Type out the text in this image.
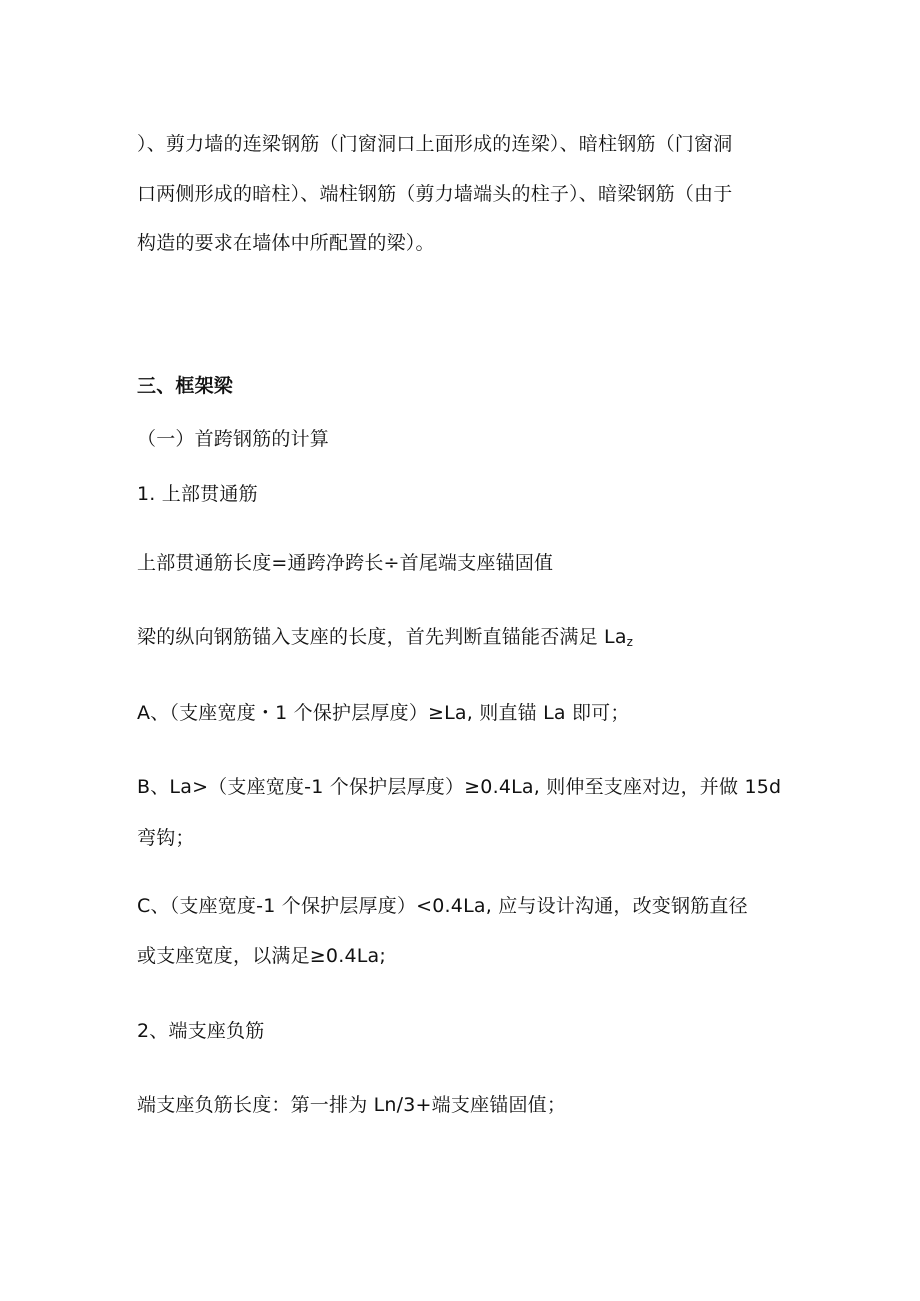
）、剪力墙的连梁钢筋（门窗洞口上面形成的连梁）、暗柱钢筋（门窗洞
口两侧形成的暗柱）、端柱钢筋（剪力墙端头的柱子）、暗梁钢筋（由于
构造的要求在墙体中所配置的梁）。
三、框架梁
（一）首跨钢筋的计算
1. 上部贯通筋
上部贯通筋长度=通跨净跨长÷首尾端支座锚固值
梁的纵向钢筋锚入支座的长度，首先判断直锚能否满足 $La_z$
A、（支座宽度・1 个保护层厚度）≥La, 则直锚 La 即可；
B、La>（支座宽度-1 个保护层厚度）≥0.4La, 则伸至支座对边，并做 15d
弯钩；
C、（支座宽度-1 个保护层厚度）<0.4La, 应与设计沟通，改变钢筋直径
或支座宽度，以满足≥0.4La;
2、端支座负筋
端支座负筋长度：第一排为 Ln∕3+端支座锚固值；
